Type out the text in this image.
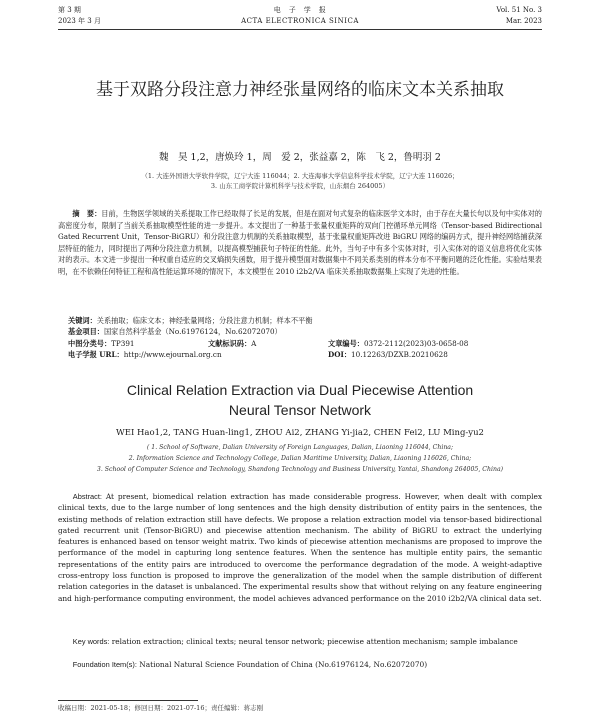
第 3 期	电　子　学　报	Vol. 51 No. 3
2023 年 3 月	ACTA ELECTRONICA SINICA	Mar. 2023
基于双路分段注意力神经张量网络的临床文本关系抽取
魏　昊 1,2，唐焕玲 1，周　爱 2，张益嘉 2，陈　飞 2，鲁明羽 2
（1. 大连外国语大学软件学院，辽宁大连 116044；2. 大连海事大学信息科学技术学院，辽宁大连 116026；
3. 山东工商学院计算机科学与技术学院，山东烟台 264005）
摘　要：目前，生物医学领域的关系提取工作已经取得了长足的发展，但是在面对句式复杂的临床医学文本时，由于存在大量长句以及句中实体对的高密度分布，限制了当前关系抽取模型性能的进一步提升。本文提出了一种基于张量权重矩阵的双向门控循环单元网络（Tensor-based Bidirectional Gated Recurrent Unit，Tensor-BiGRU）和分段注意力机制的关系抽取模型，基于张量权重矩阵改进 BiGRU 网络的编码方式，提升神经网络捕获深层特征的能力，同时提出了两种分段注意力机制，以提高模型捕获句子特征的性能。此外，当句子中有多个实体对时，引入实体对的语义信息将优化实体对的表示。本文进一步提出一种权重自适应的交叉熵损失函数，用于提升模型面对数据集中不同关系类别的样本分布不平衡问题的泛化性能。实验结果表明，在不依赖任何特征工程和高性能运算环境的情况下，本文模型在 2010 i2b2/VA 临床关系抽取数据集上实现了先进的性能。
关键词：关系抽取；临床文本；神经张量网络；分段注意力机制；样本不平衡
基金项目：国家自然科学基金（No.61976124，No.62072070）
中图分类号：TP391	文献标识码：A	文章编号：0372-2112(2023)03-0658-08
电子学报 URL：http://www.ejournal.org.cn	DOI：10.12263/DZXB.20210628
Clinical Relation Extraction via Dual Piecewise Attention
Neural Tensor Network
WEI Hao1,2, TANG Huan-ling1, ZHOU Ai2, ZHANG Yi-jia2, CHEN Fei2, LU Ming-yu2
( 1. School of Software, Dalian University of Foreign Languages, Dalian, Liaoning 116044, China;
2. Information Science and Technology College, Dalian Maritime University, Dalian, Liaoning 116026, China;
3. School of Computer Science and Technology, Shandong Technology and Business University, Yantai, Shandong 264005, China)
Abstract: At present, biomedical relation extraction has made considerable progress. However, when dealt with complex clinical texts, due to the large number of long sentences and the high density distribution of entity pairs in the sentences, the existing methods of relation extraction still have defects. We propose a relation extraction model via tensor-based bidirectional gated recurrent unit (Tensor-BiGRU) and piecewise attention mechanism. The ability of BiGRU to extract the underlying features is enhanced based on tensor weight matrix. Two kinds of piecewise attention mechanisms are proposed to improve the performance of the model in capturing long sentence features. When the sentence has multiple entity pairs, the semantic representations of the entity pairs are introduced to overcome the performance degradation of the mode. A weight-adaptive cross-entropy loss function is proposed to improve the generalization of the model when the sample distribution of different relation categories in the dataset is unbalanced. The experimental results show that without relying on any feature engineering and high-performance computing environment, the model achieves advanced performance on the 2010 i2b2/VA clinical data set.
Key words: relation extraction; clinical texts; neural tensor network; piecewise attention mechanism; sample imbalance
Foundation Item(s): National Natural Science Foundation of China (No.61976124, No.62072070)
收稿日期：2021-05-18；修回日期：2021-07-16；责任编辑：蒋志刚
